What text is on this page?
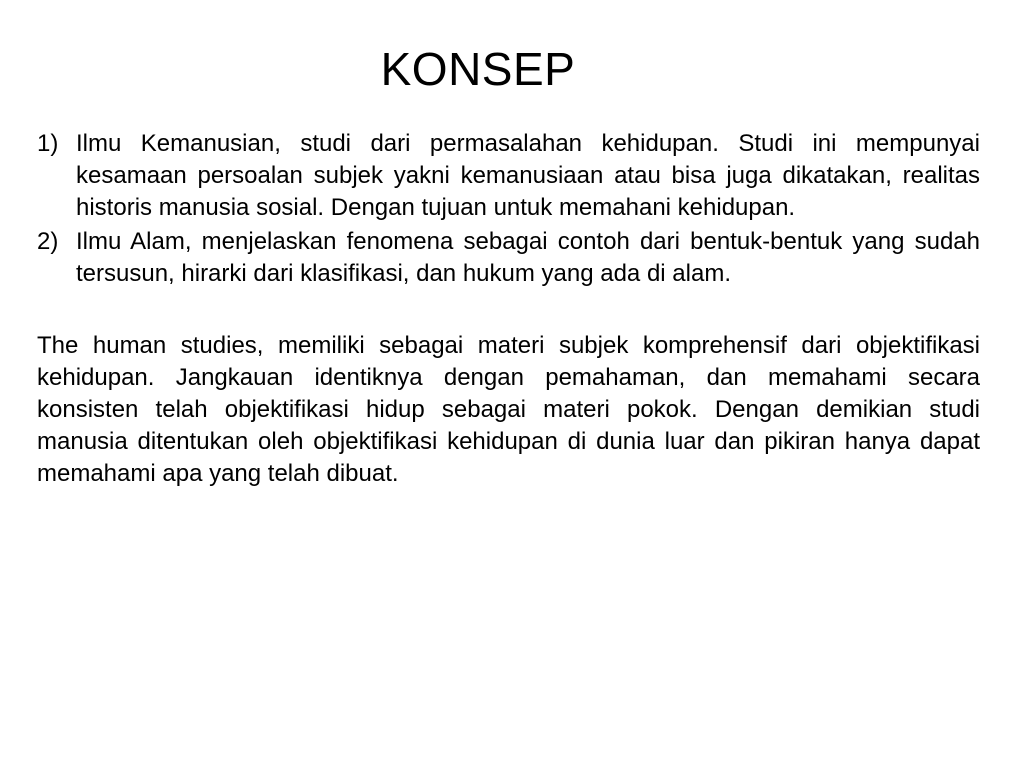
KONSEP
1) Ilmu Kemanusian, studi dari permasalahan kehidupan. Studi ini mempunyai kesamaan persoalan subjek yakni kemanusiaan atau bisa juga dikatakan, realitas historis manusia sosial. Dengan tujuan untuk memahani kehidupan.
2) Ilmu Alam, menjelaskan fenomena sebagai contoh dari bentuk-bentuk yang sudah tersusun, hirarki dari klasifikasi, dan hukum yang ada di alam.

The human studies, memiliki sebagai materi subjek komprehensif dari objektifikasi kehidupan. Jangkauan identiknya dengan pemahaman, dan memahami secara konsisten telah objektifikasi hidup sebagai materi pokok. Dengan demikian studi manusia ditentukan oleh objektifikasi kehidupan di dunia luar dan pikiran hanya dapat memahami apa yang telah dibuat.
